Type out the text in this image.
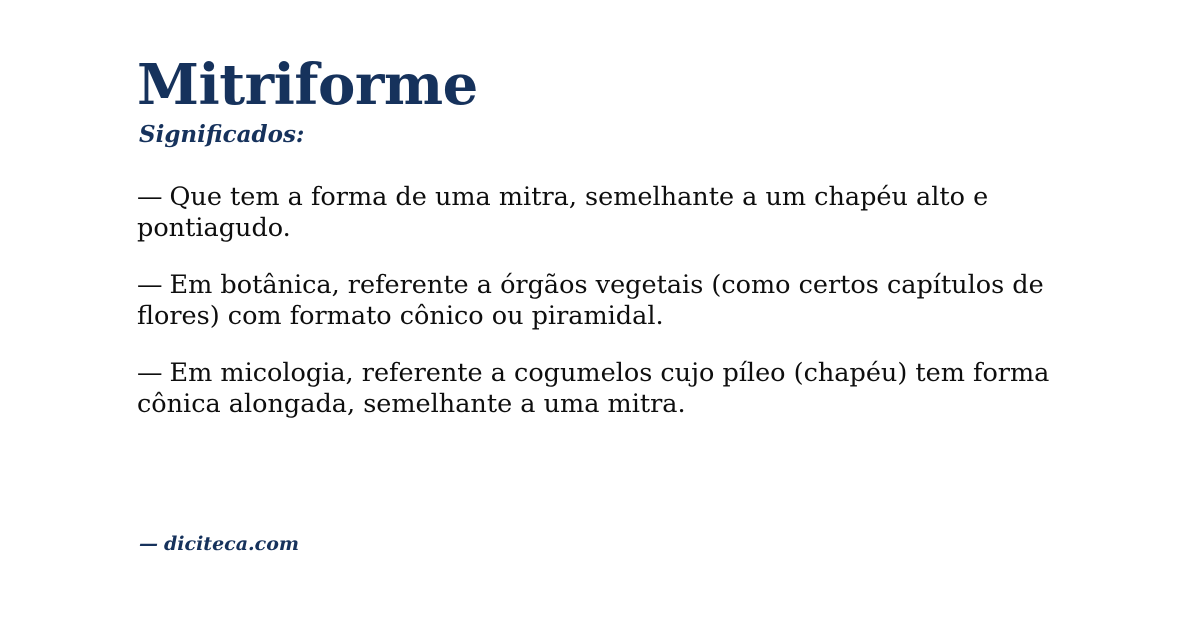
Mitriforme
Significados:

— Que tem a forma de uma mitra, semelhante a um chapéu alto e pontiagudo.

— Em botânica, referente a órgãos vegetais (como certos capítulos de flores) com formato cônico ou piramidal.

— Em micologia, referente a cogumelos cujo píleo (chapéu) tem forma cônica alongada, semelhante a uma mitra.

— diciteca.com
